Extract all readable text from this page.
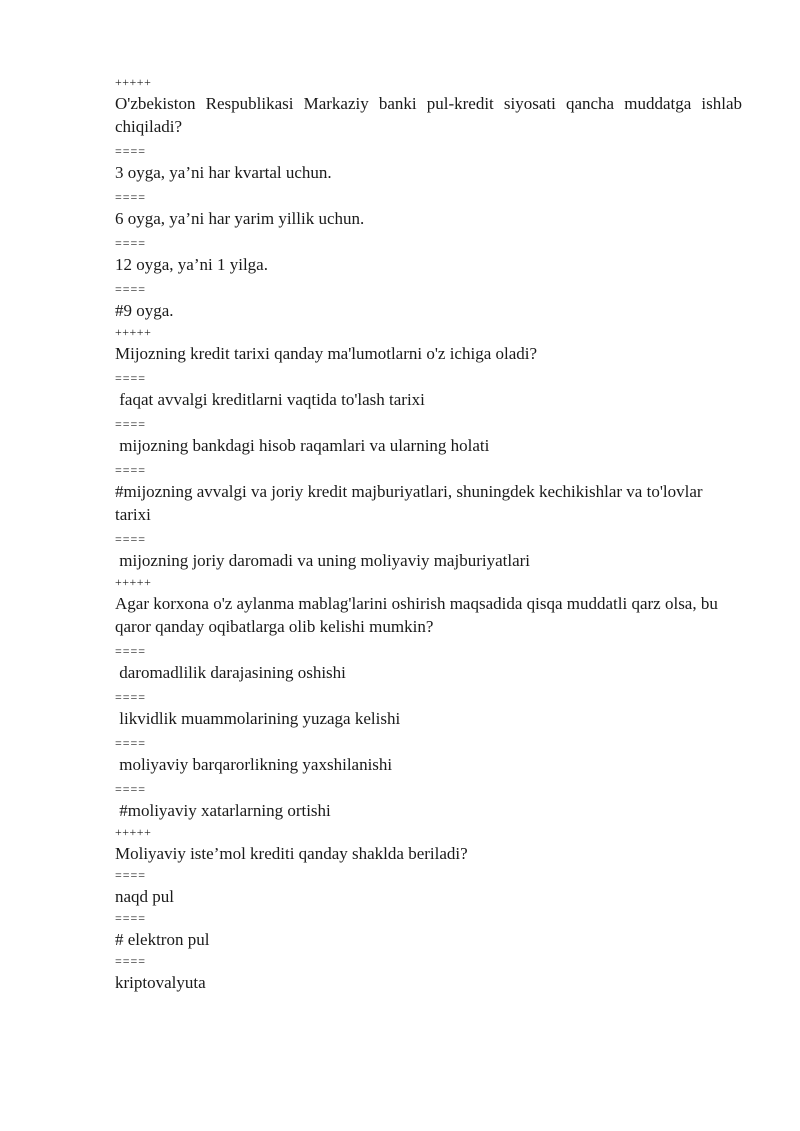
+++++
O'zbekiston Respublikasi Markaziy banki pul-kredit siyosati qancha muddatga ishlab chiqiladi?
====
3 oyga, ya’ni har kvartal uchun.
====
6 oyga, ya’ni har yarim yillik uchun.
====
12 oyga, ya’ni 1 yilga.
====
#9 oyga.
+++++
Mijozning kredit tarixi qanday ma'lumotlarni o'z ichiga oladi?
====
faqat avvalgi kreditlarni vaqtida to'lash tarixi
====
mijozning bankdagi hisob raqamlari va ularning holati
====
#mijozning avvalgi va joriy kredit majburiyatlari, shuningdek kechikishlar va to'lovlar tarixi
====
mijozning joriy daromadi va uning moliyaviy majburiyatlari
+++++
Agar korxona o'z aylanma mablag'larini oshirish maqsadida qisqa muddatli qarz olsa, bu qaror qanday oqibatlarga olib kelishi mumkin?
====
daromadlilik darajasining oshishi
====
likvidlik muammolarining yuzaga kelishi
====
moliyaviy barqarorlikning yaxshilanishi
====
#moliyaviy xatarlarning ortishi
+++++
Moliyaviy iste’mol krediti qanday shaklda beriladi?
====
naqd pul
====
# elektron pul
====
kriptovalyuta
